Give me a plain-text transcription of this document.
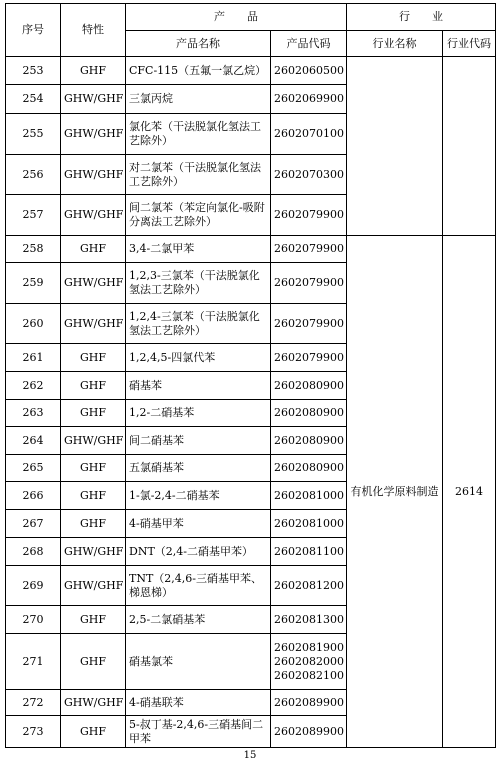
序号	特性	产　　品		行　　业	
		产品名称	产品代码	行业名称	行业代码
253	GHF	CFC-115（五氟一氯乙烷）	2602060500		
254	GHW/GHF	三氯丙烷	2602069900		
255	GHW/GHF	氯化苯（干法脱氯化氢法工艺除外）	2602070100		
256	GHW/GHF	对二氯苯（干法脱氯化氢法工艺除外）	2602070300		
257	GHW/GHF	间二氯苯（苯定向氯化-吸附分离法工艺除外）	2602079900		
258	GHF	3,4-二氯甲苯	2602079900	有机化学原料制造	2614
259	GHW/GHF	1,2,3-三氯苯（干法脱氯化氢法工艺除外）	2602079900		
260	GHW/GHF	1,2,4-三氯苯（干法脱氯化氢法工艺除外）	2602079900		
261	GHF	1,2,4,5-四氯代苯	2602079900		
262	GHF	硝基苯	2602080900		
263	GHF	1,2-二硝基苯	2602080900		
264	GHW/GHF	间二硝基苯	2602080900		
265	GHF	五氯硝基苯	2602080900		
266	GHF	1-氯-2,4-二硝基苯	2602081000		
267	GHF	4-硝基甲苯	2602081000		
268	GHW/GHF	DNT（2,4-二硝基甲苯）	2602081100		
269	GHW/GHF	TNT（2,4,6-三硝基甲苯、梯恩梯）	2602081200		
270	GHF	2,5-二氯硝基苯	2602081300		
271	GHF	硝基氯苯	2602081900
2602082000
2602082100		

272	GHW/GHF	4-硝基联苯	2602089900		
273	GHF	5-叔丁基-2,4,6-三硝基间二甲苯	2602089900		
15
